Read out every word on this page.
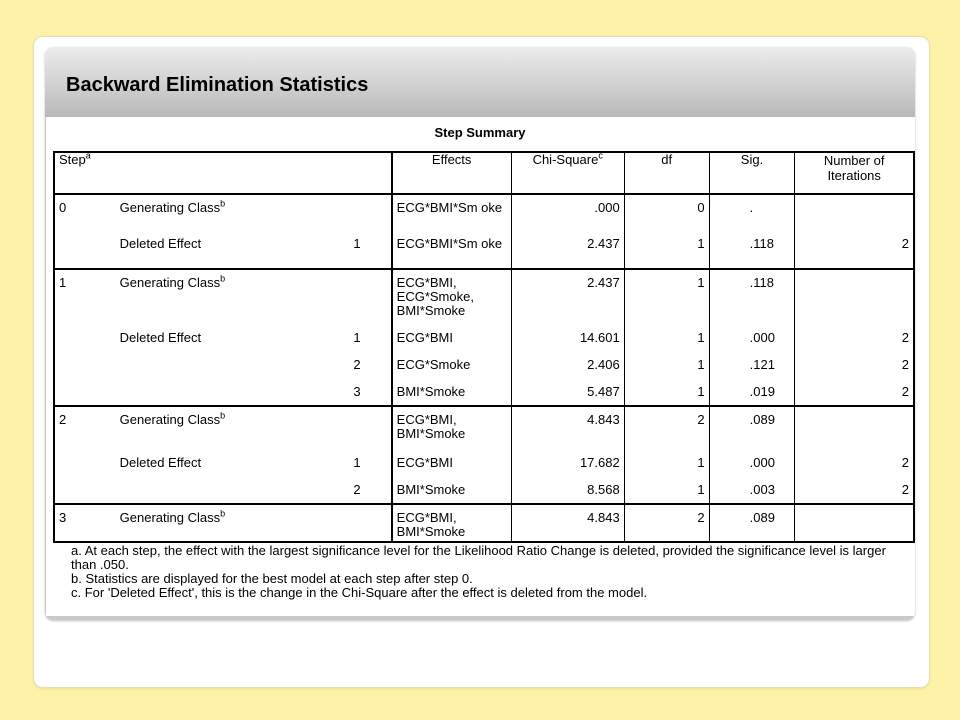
Backward Elimination Statistics
Step Summary
Step$^a$			Effects	Chi-Square$^c$	df	Sig.	Number of Iterations
0	Generating Class$^b$		ECG*BMI*Sm oke	.000	0	.	
	Deleted Effect	1	ECG*BMI*Sm oke	2.437	1	.118	2
1	Generating Class$^b$		ECG*BMI, ECG*Smoke, BMI*Smoke	2.437	1	.118	
	Deleted Effect	1	ECG*BMI	14.601	1	.000	2
		2	ECG*Smoke	2.406	1	.121	2
		3	BMI*Smoke	5.487	1	.019	2
2	Generating Class$^b$		ECG*BMI, BMI*Smoke	4.843	2	.089	
	Deleted Effect	1	ECG*BMI	17.682	1	.000	2
		2	BMI*Smoke	8.568	1	.003	2
3	Generating Class$^b$		ECG*BMI, BMI*Smoke	4.843	2	.089	
a. At each step, the effect with the largest significance level for the Likelihood Ratio Change is deleted, provided the significance level is larger than .050.
b. Statistics are displayed for the best model at each step after step 0.
c. For 'Deleted Effect', this is the change in the Chi-Square after the effect is deleted from the model.
